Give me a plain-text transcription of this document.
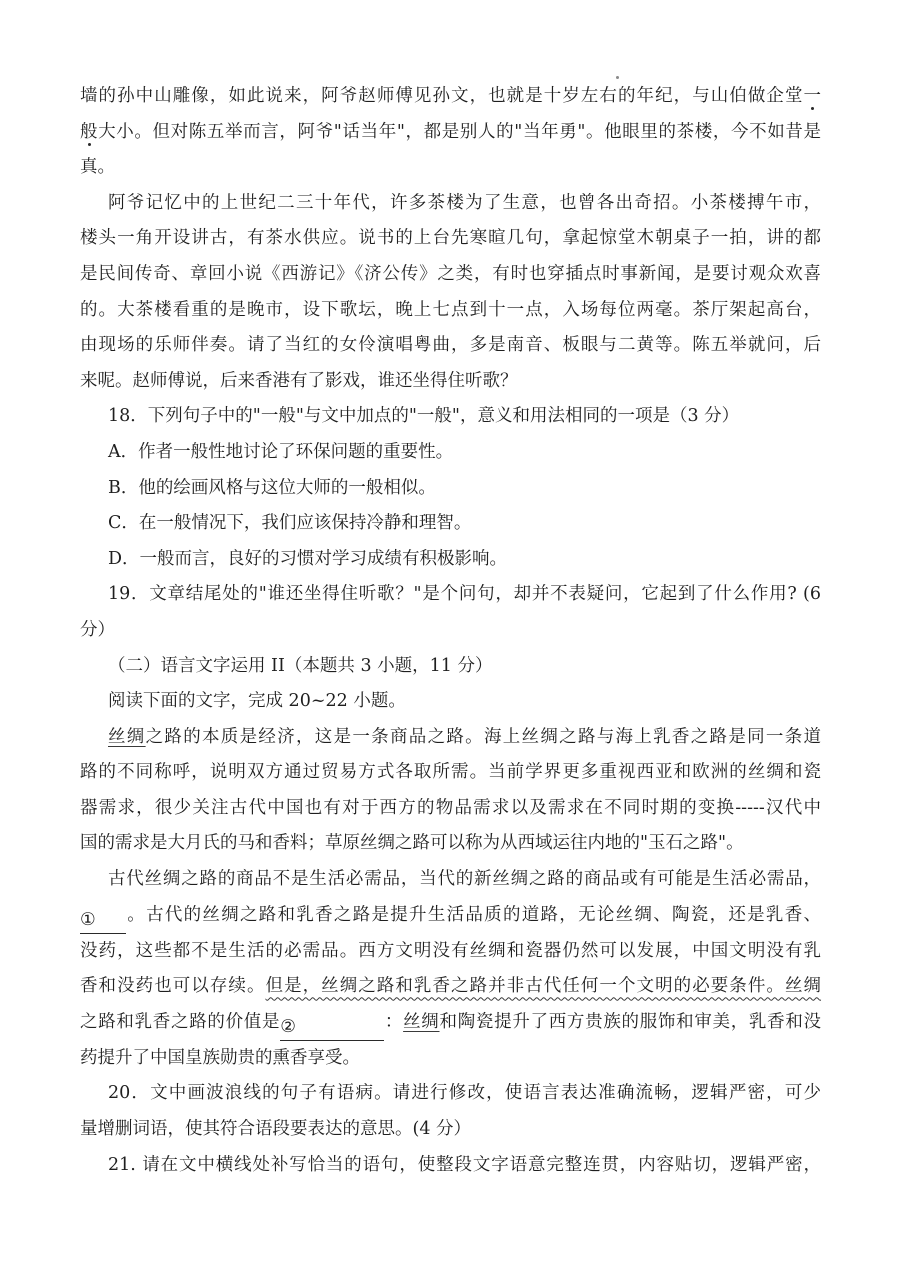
墙的孙中山雕像，如此说来，阿爷赵师傅见孙文，也就是十岁左右的年纪，与山伯做企堂一
般大小。但对陈五举而言，阿爷"话当年"，都是别人的"当年勇"。他眼里的茶楼，今不如昔是
真。
阿爷记忆中的上世纪二三十年代，许多茶楼为了生意，也曾各出奇招。小茶楼搏午市，
楼头一角开设讲古，有茶水供应。说书的上台先寒暄几句，拿起惊堂木朝桌子一拍，讲的都
是民间传奇、章回小说《西游记》《济公传》之类，有时也穿插点时事新闻，是要讨观众欢喜
的。大茶楼看重的是晚市，设下歌坛，晚上七点到十一点，入场每位两毫。茶厅架起高台，
由现场的乐师伴奏。请了当红的女伶演唱粤曲，多是南音、板眼与二黄等。陈五举就问，后
来呢。赵师傅说，后来香港有了影戏，谁还坐得住听歌？
18．下列句子中的"一般"与文中加点的"一般"，意义和用法相同的一项是（3 分）
A．作者一般性地讨论了环保问题的重要性。
B．他的绘画风格与这位大师的一般相似。
C．在一般情况下，我们应该保持冷静和理智。
D．一般而言，良好的习惯对学习成绩有积极影响。
19．文章结尾处的"谁还坐得住听歌？"是个问句，却并不表疑问，它起到了什么作用? (6
分）
（二）语言文字运用 II（本题共 3 小题，11 分）
阅读下面的文字，完成 20~22 小题。
丝绸之路的本质是经济，这是一条商品之路。海上丝绸之路与海上乳香之路是同一条道
路的不同称呼，说明双方通过贸易方式各取所需。当前学界更多重视西亚和欧洲的丝绸和瓷
器需求，很少关注古代中国也有对于西方的物品需求以及需求在不同时期的变换-----汉代中
国的需求是大月氏的马和香料；草原丝绸之路可以称为从西域运往内地的"玉石之路"。
古代丝绸之路的商品不是生活必需品，当代的新丝绸之路的商品或有可能是生活必需品，
① 。古代的丝绸之路和乳香之路是提升生活品质的道路，无论丝绸、陶瓷，还是乳香、
没药，这些都不是生活的必需品。西方文明没有丝绸和瓷器仍然可以发展，中国文明没有乳
香和没药也可以存续。但是，丝绸之路和乳香之路并非古代任何一个文明的必要条件。丝绸
之路和乳香之路的价值是②	：丝绸和陶瓷提升了西方贵族的服饰和审美，乳香和没
药提升了中国皇族勋贵的熏香享受。
20．文中画波浪线的句子有语病。请进行修改，使语言表达准确流畅，逻辑严密，可少
量增删词语，使其符合语段要表达的意思。(4 分）
21. 请在文中横线处补写恰当的语句，使整段文字语意完整连贯，内容贴切，逻辑严密，
